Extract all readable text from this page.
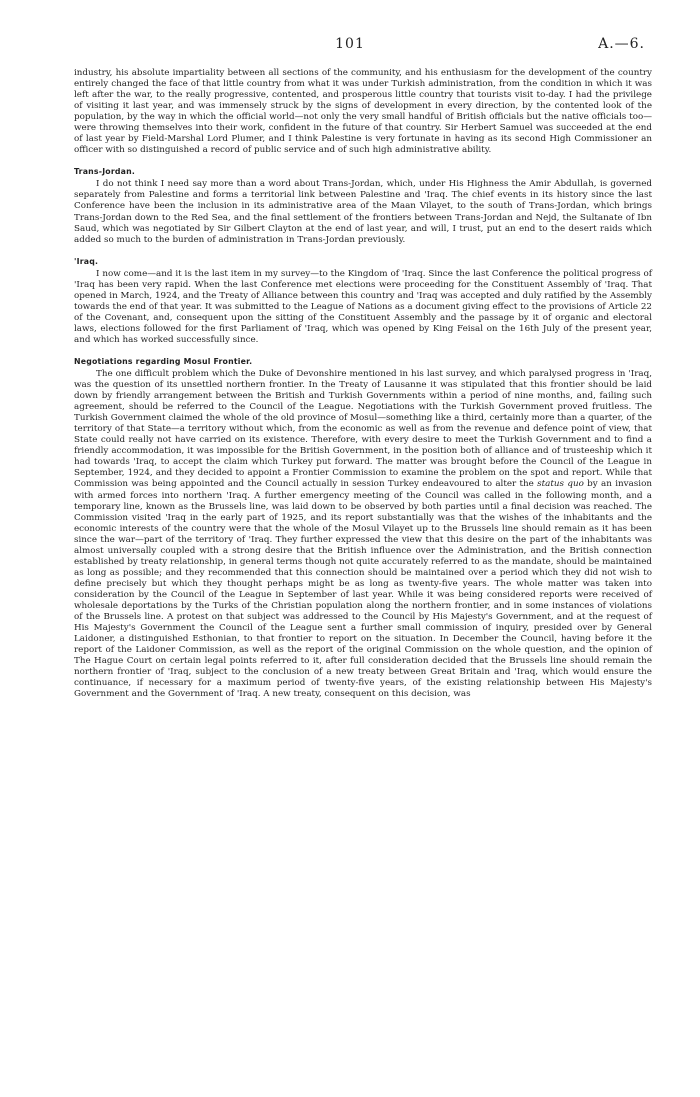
101	A.—6.

industry, his absolute impartiality between all sections of the community, and his enthusiasm for the development of the country entirely changed the face of that little country from what it was under Turkish administration, from the condition in which it was left after the war, to the really progressive, contented, and prosperous little country that tourists visit to-day. I had the privilege of visiting it last year, and was immensely struck by the signs of development in every direction, by the contented look of the population, by the way in which the official world—not only the very small handful of British officials but the native officials too—were throwing themselves into their work, confident in the future of that country. Sir Herbert Samuel was succeeded at the end of last year by Field-Marshal Lord Plumer, and I think Palestine is very fortunate in having as its second High Commissioner an officer with so distinguished a record of public service and of such high administrative ability.

Trans-Jordan.

I do not think I need say more than a word about Trans-Jordan, which, under His Highness the Amir Abdullah, is governed separately from Palestine and forms a territorial link between Palestine and 'Iraq. The chief events in its history since the last Conference have been the inclusion in its administrative area of the Maan Vilayet, to the south of Trans-Jordan, which brings Trans-Jordan down to the Red Sea, and the final settlement of the frontiers between Trans-Jordan and Nejd, the Sultanate of Ibn Saud, which was negotiated by Sir Gilbert Clayton at the end of last year, and will, I trust, put an end to the desert raids which added so much to the burden of administration in Trans-Jordan previously.

'Iraq.

I now come—and it is the last item in my survey—to the Kingdom of 'Iraq. Since the last Conference the political progress of 'Iraq has been very rapid. When the last Conference met elections were proceeding for the Constituent Assembly of 'Iraq. That opened in March, 1924, and the Treaty of Alliance between this country and 'Iraq was accepted and duly ratified by the Assembly towards the end of that year. It was submitted to the League of Nations as a document giving effect to the provisions of Article 22 of the Covenant, and, consequent upon the sitting of the Constituent Assembly and the passage by it of organic and electoral laws, elections followed for the first Parliament of 'Iraq, which was opened by King Feisal on the 16th July of the present year, and which has worked successfully since.

Negotiations regarding Mosul Frontier.

The one difficult problem which the Duke of Devonshire mentioned in his last survey, and which paralysed progress in 'Iraq, was the question of its unsettled northern frontier. In the Treaty of Lausanne it was stipulated that this frontier should be laid down by friendly arrangement between the British and Turkish Governments within a period of nine months, and, failing such agreement, should be referred to the Council of the League. Negotiations with the Turkish Government proved fruitless. The Turkish Government claimed the whole of the old province of Mosul—something like a third, certainly more than a quarter, of the territory of that State—a territory without which, from the economic as well as from the revenue and defence point of view, that State could really not have carried on its existence. Therefore, with every desire to meet the Turkish Government and to find a friendly accommodation, it was impossible for the British Government, in the position both of alliance and of trusteeship which it had towards 'Iraq, to accept the claim which Turkey put forward. The matter was brought before the Council of the League in September, 1924, and they decided to appoint a Frontier Commission to examine the problem on the spot and report. While that Commission was being appointed and the Council actually in session Turkey endeavoured to alter the status quo by an invasion with armed forces into northern 'Iraq. A further emergency meeting of the Council was called in the following month, and a temporary line, known as the Brussels line, was laid down to be observed by both parties until a final decision was reached. The Commission visited 'Iraq in the early part of 1925, and its report substantially was that the wishes of the inhabitants and the economic interests of the country were that the whole of the Mosul Vilayet up to the Brussels line should remain as it has been since the war—part of the territory of 'Iraq. They further expressed the view that this desire on the part of the inhabitants was almost universally coupled with a strong desire that the British influence over the Administration, and the British connection established by treaty relationship, in general terms though not quite accurately referred to as the mandate, should be maintained as long as possible; and they recommended that this connection should be maintained over a period which they did not wish to define precisely but which they thought perhaps might be as long as twenty-five years. The whole matter was taken into consideration by the Council of the League in September of last year. While it was being considered reports were received of wholesale deportations by the Turks of the Christian population along the northern frontier, and in some instances of violations of the Brussels line. A protest on that subject was addressed to the Council by His Majesty's Government, and at the request of His Majesty's Government the Council of the League sent a further small commission of inquiry, presided over by General Laidoner, a distinguished Esthonian, to that frontier to report on the situation. In December the Council, having before it the report of the Laidoner Commission, as well as the report of the original Commission on the whole question, and the opinion of The Hague Court on certain legal points referred to it, after full consideration decided that the Brussels line should remain the northern frontier of 'Iraq, subject to the conclusion of a new treaty between Great Britain and 'Iraq, which would ensure the continuance, if necessary for a maximum period of twenty-five years, of the existing relationship between His Majesty's Government and the Government of 'Iraq. A new treaty, consequent on this decision, was
